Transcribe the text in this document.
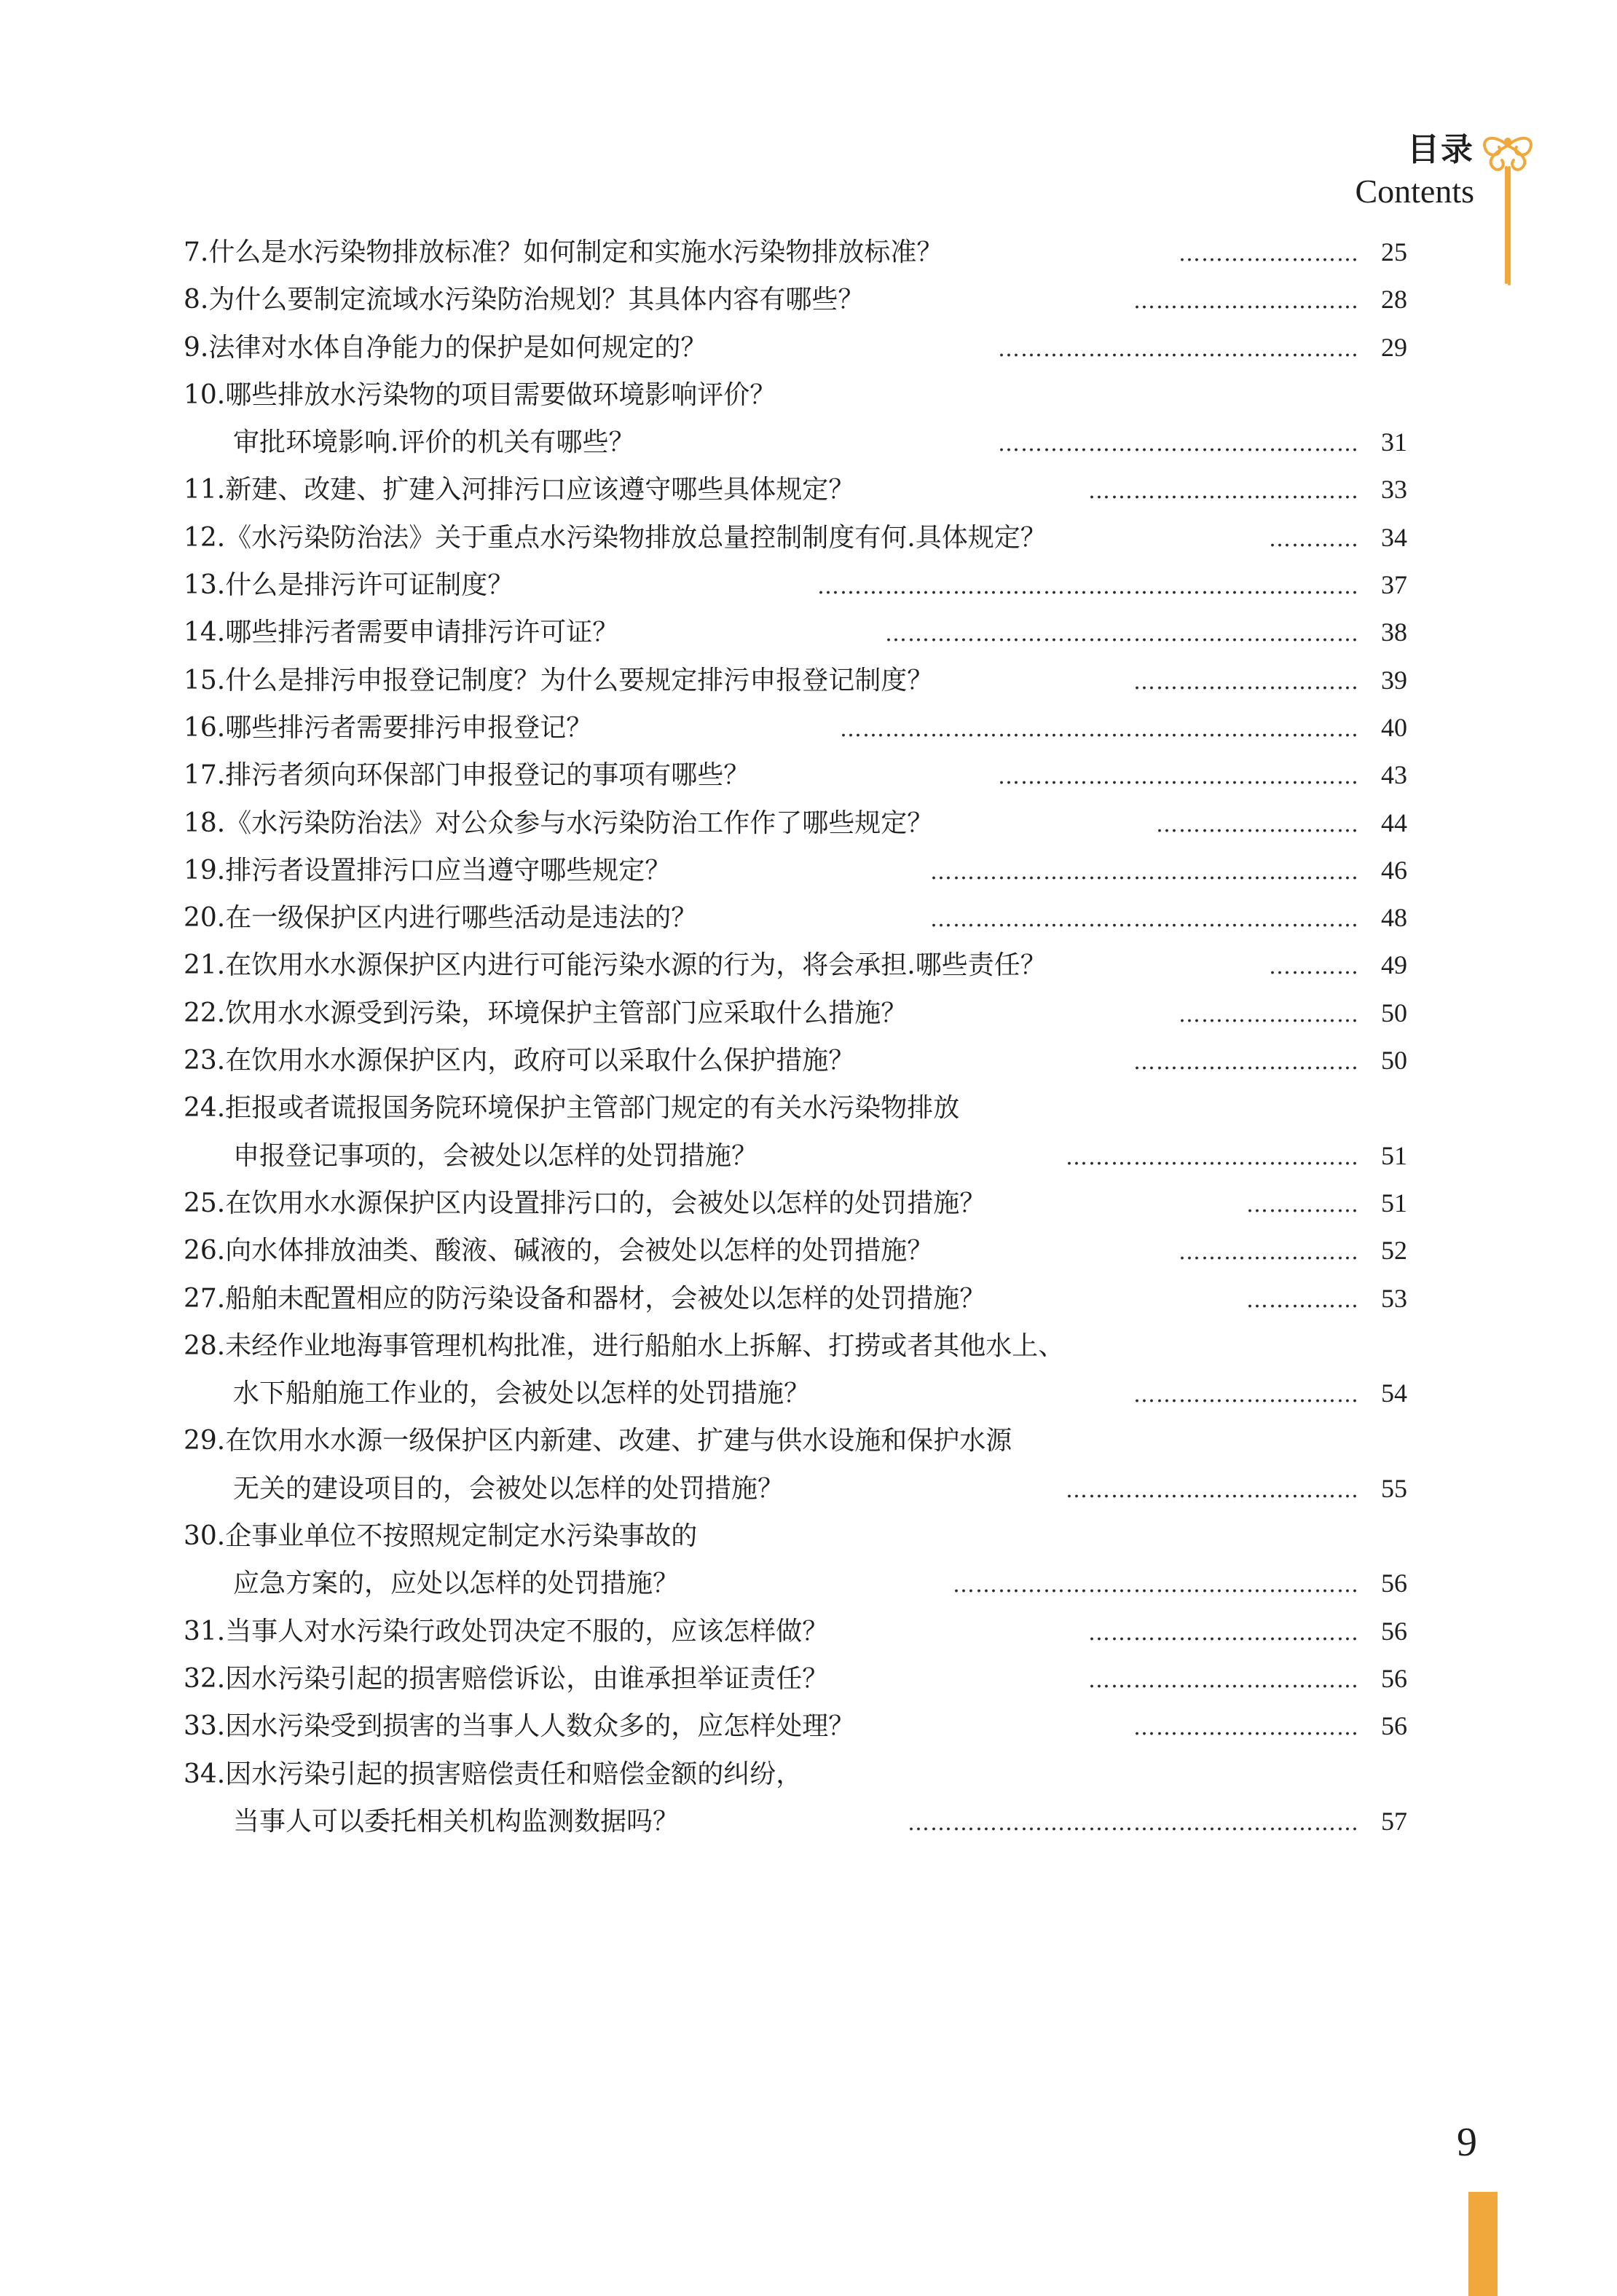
目录
Contents
7.什么是水污染物排放标准？如何制定和实施水污染物排放标准？	…………………… 25
8.为什么要制定流域水污染防治规划？其具体内容有哪些？	………………………… 28
9.法律对水体自净能力的保护是如何规定的？	………………………………………… 29
10.哪些排放水污染物的项目需要做环境影响评价？
审批环境影响.评价的机关有哪些？	………………………………………… 31
11.新建、改建、扩建入河排污口应该遵守哪些具体规定？	……………………………… 33
12.《水污染防治法》关于重点水污染物排放总量控制制度有何.具体规定？	………… 34
13.什么是排污许可证制度？	……………………………………………………………… 37
14.哪些排污者需要申请排污许可证？	……………………………………………………… 38
15.什么是排污申报登记制度？为什么要规定排污申报登记制度？	………………………… 39
16.哪些排污者需要排污申报登记？	…………………………………………………………… 40
17.排污者须向环保部门申报登记的事项有哪些？	………………………………………… 43
18.《水污染防治法》对公众参与水污染防治工作作了哪些规定？	……………………… 44
19.排污者设置排污口应当遵守哪些规定？	………………………………………………… 46
20.在一级保护区内进行哪些活动是违法的？	………………………………………………… 48
21.在饮用水水源保护区内进行可能污染水源的行为，将会承担.哪些责任？	………… 49
22.饮用水水源受到污染，环境保护主管部门应采取什么措施？	…………………… 50
23.在饮用水水源保护区内，政府可以采取什么保护措施？	………………………… 50
24.拒报或者谎报国务院环境保护主管部门规定的有关水污染物排放
申报登记事项的，会被处以怎样的处罚措施？	………………………………… 51
25.在饮用水水源保护区内设置排污口的，会被处以怎样的处罚措施？	…………… 51
26.向水体排放油类、酸液、碱液的，会被处以怎样的处罚措施？	…………………… 52
27.船舶未配置相应的防污染设备和器材，会被处以怎样的处罚措施？	…………… 53
28.未经作业地海事管理机构批准，进行船舶水上拆解、打捞或者其他水上、
水下船舶施工作业的，会被处以怎样的处罚措施？	………………………… 54
29.在饮用水水源一级保护区内新建、改建、扩建与供水设施和保护水源
无关的建设项目的，会被处以怎样的处罚措施？	………………………………… 55
30.企事业单位不按照规定制定水污染事故的
应急方案的，应处以怎样的处罚措施？	……………………………………………… 56
31.当事人对水污染行政处罚决定不服的，应该怎样做？	……………………………… 56
32.因水污染引起的损害赔偿诉讼，由谁承担举证责任？	……………………………… 56
33.因水污染受到损害的当事人人数众多的，应怎样处理？	………………………… 56
34.因水污染引起的损害赔偿责任和赔偿金额的纠纷，
当事人可以委托相关机构监测数据吗？	…………………………………………………… 57
9
